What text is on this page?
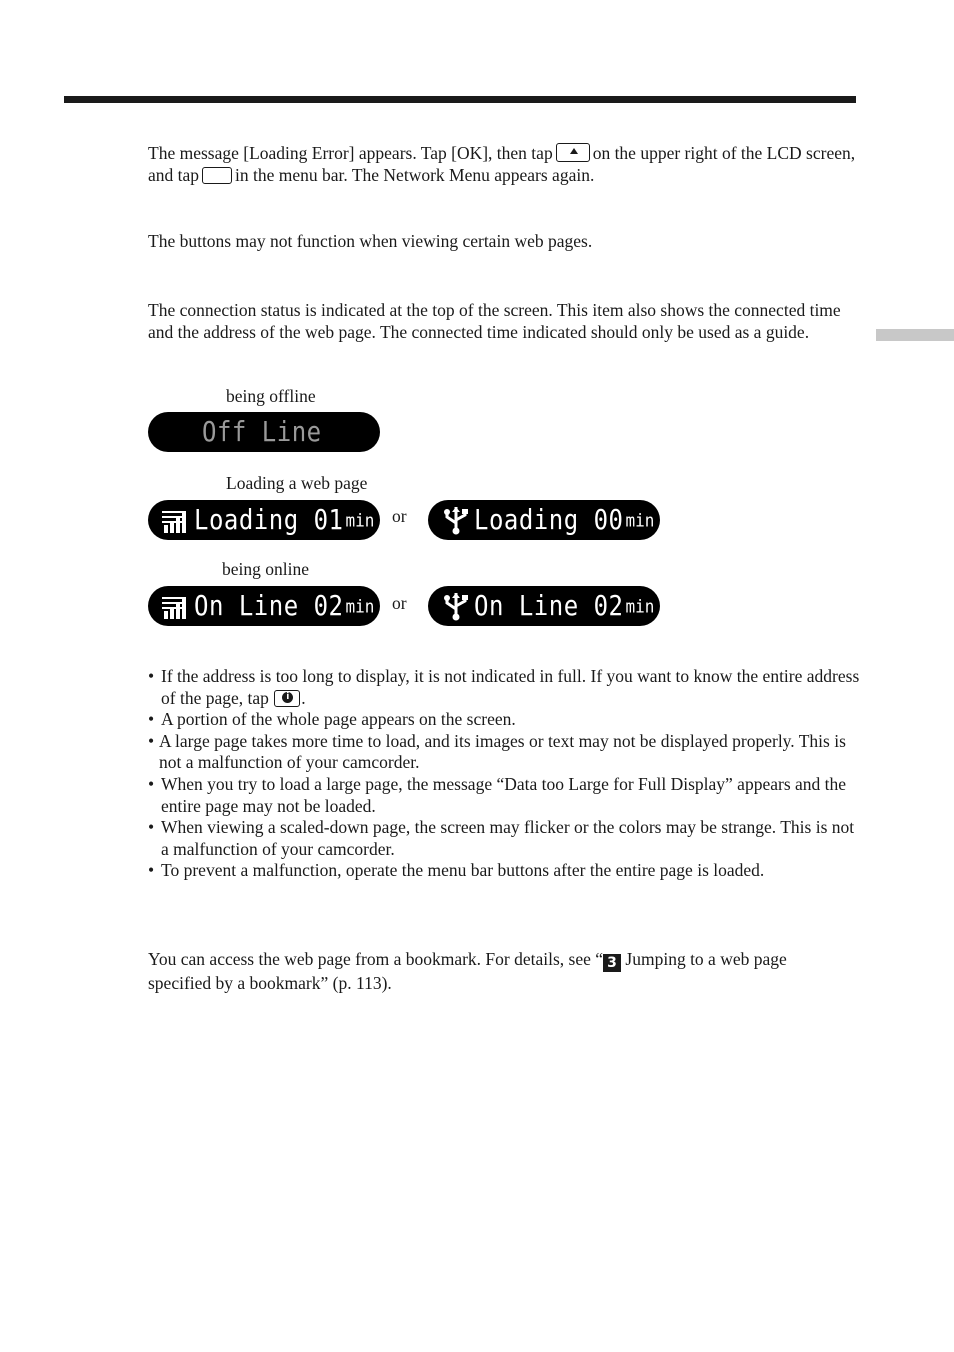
The message [Loading Error] appears. Tap [OK], then tap on the upper right of the LCD screen, and tap in the menu bar. The Network Menu appears again.

The buttons may not function when viewing certain web pages.

The connection status is indicated at the top of the screen. This item also shows the connected time and the address of the web page. The connected time indicated should only be used as a guide.

being offline
Off Line
Loading a web page
Loading 01 min or	Loading 00 min
being online
On Line 02 min or	On Line 02 min
• If the address is too long to display, it is not indicated in full. If you want to know the entire address of the page, tap i .
• A portion of the whole page appears on the screen.
• A large page takes more time to load, and its images or text may not be displayed properly. This is not a malfunction of your camcorder.
• When you try to load a large page, the message “Data too Large for Full Display” appears and the entire page may not be loaded.
• When viewing a scaled-down page, the screen may flicker or the colors may be strange. This is not a malfunction of your camcorder.
• To prevent a malfunction, operate the menu bar buttons after the entire page is loaded.

You can access the web page from a bookmark. For details, see “ 3 Jumping to a web page specified by a bookmark” (p. 113).
